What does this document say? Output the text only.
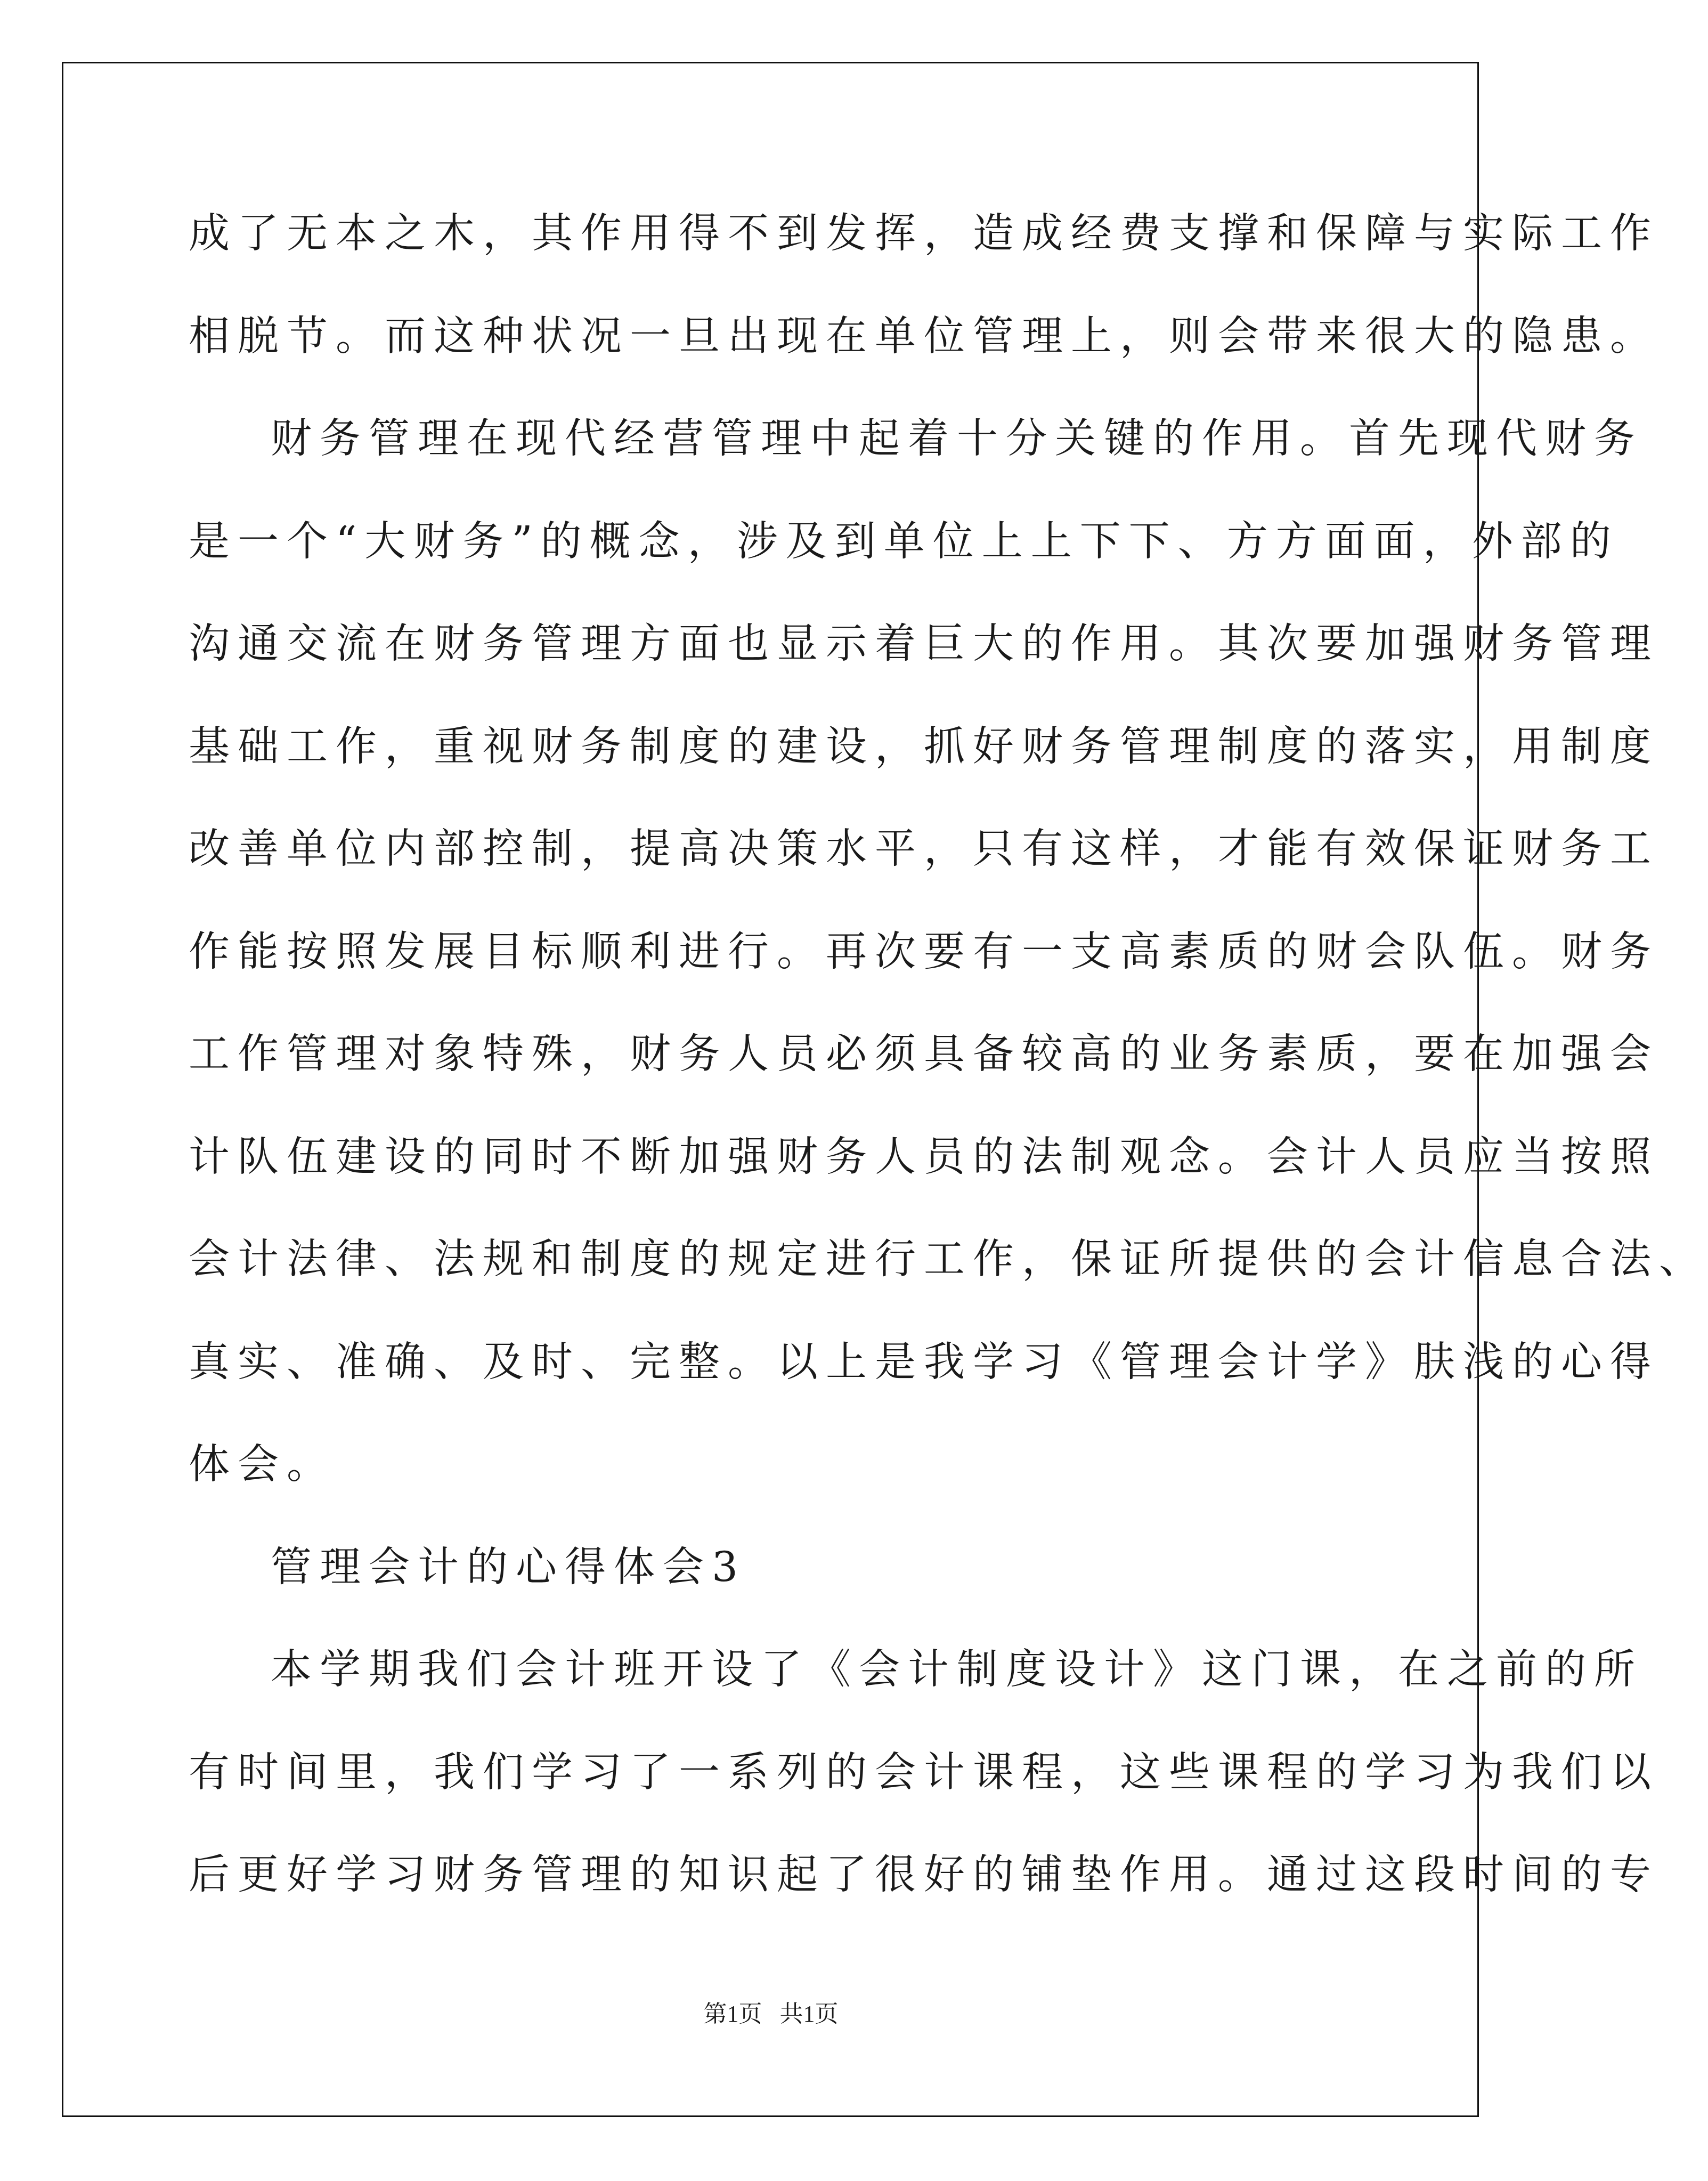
成了无本之木，其作用得不到发挥，造成经费支撑和保障与实际工作

相脱节。而这种状况一旦出现在单位管理上，则会带来很大的隐患。

财务管理在现代经营管理中起着十分关键的作用。首先现代财务

是一个“大财务”的概念，涉及到单位上上下下、方方面面，外部的

沟通交流在财务管理方面也显示着巨大的作用。其次要加强财务管理

基础工作，重视财务制度的建设，抓好财务管理制度的落实，用制度

改善单位内部控制，提高决策水平，只有这样，才能有效保证财务工

作能按照发展目标顺利进行。再次要有一支高素质的财会队伍。财务

工作管理对象特殊，财务人员必须具备较高的业务素质，要在加强会

计队伍建设的同时不断加强财务人员的法制观念。会计人员应当按照

会计法律、法规和制度的规定进行工作，保证所提供的会计信息合法、

真实、准确、及时、完整。以上是我学习《管理会计学》肤浅的心得

体会。

管理会计的心得体会3

本学期我们会计班开设了《会计制度设计》这门课，在之前的所

有时间里，我们学习了一系列的会计课程，这些课程的学习为我们以

后更好学习财务管理的知识起了很好的铺垫作用。通过这段时间的专

第1页   共1页
